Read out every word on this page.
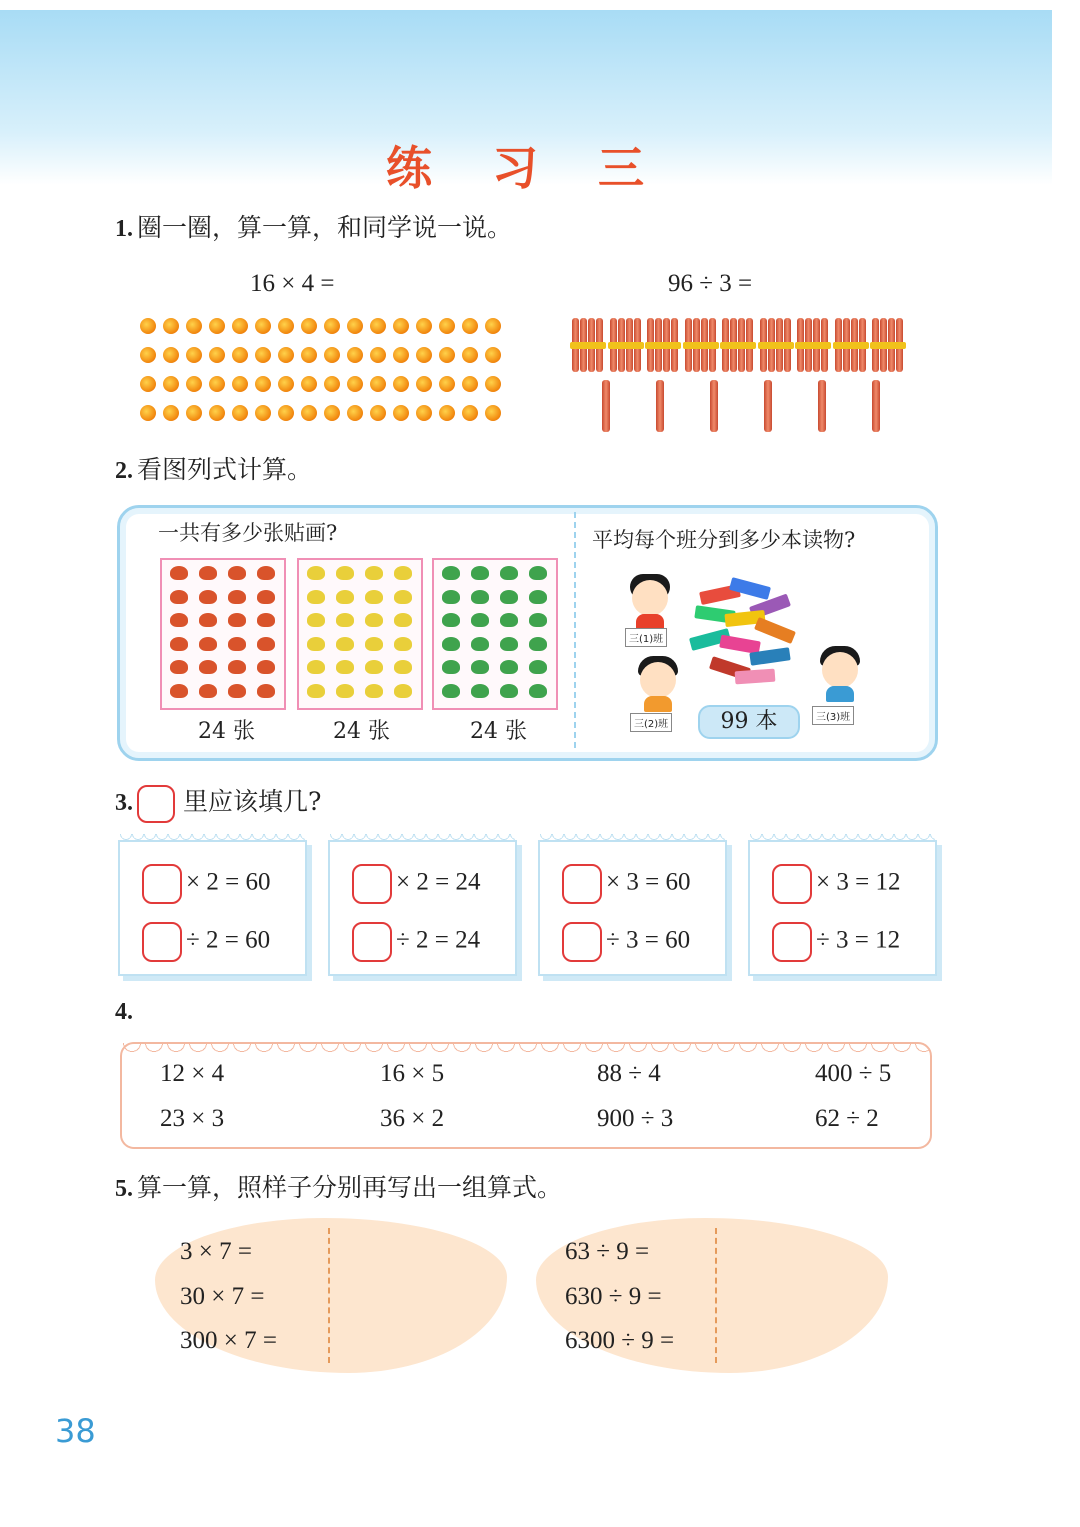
练 习 三
1. 圈一圈，算一算，和同学说一说。
16 × 4 =	96 ÷ 3 =
2. 看图列式计算。
一共有多少张贴画?
24 张	24 张	24 张
平均每个班分到多少本读物?
三(1)班
三(2)班
三(3)班
99 本
3. 里应该填几?
× 2 = 60
÷ 2 = 60
× 2 = 24
÷ 2 = 24
× 3 = 60
÷ 3 = 60
× 3 = 12
÷ 3 = 12
4.
12 × 4	16 × 5	88 ÷ 4	400 ÷ 5
23 × 3	36 × 2	900 ÷ 3	62 ÷ 2
5. 算一算，照样子分别再写出一组算式。
3 × 7 =
30 × 7 =
300 × 7 =
63 ÷ 9 =
630 ÷ 9 =
6300 ÷ 9 =
38
